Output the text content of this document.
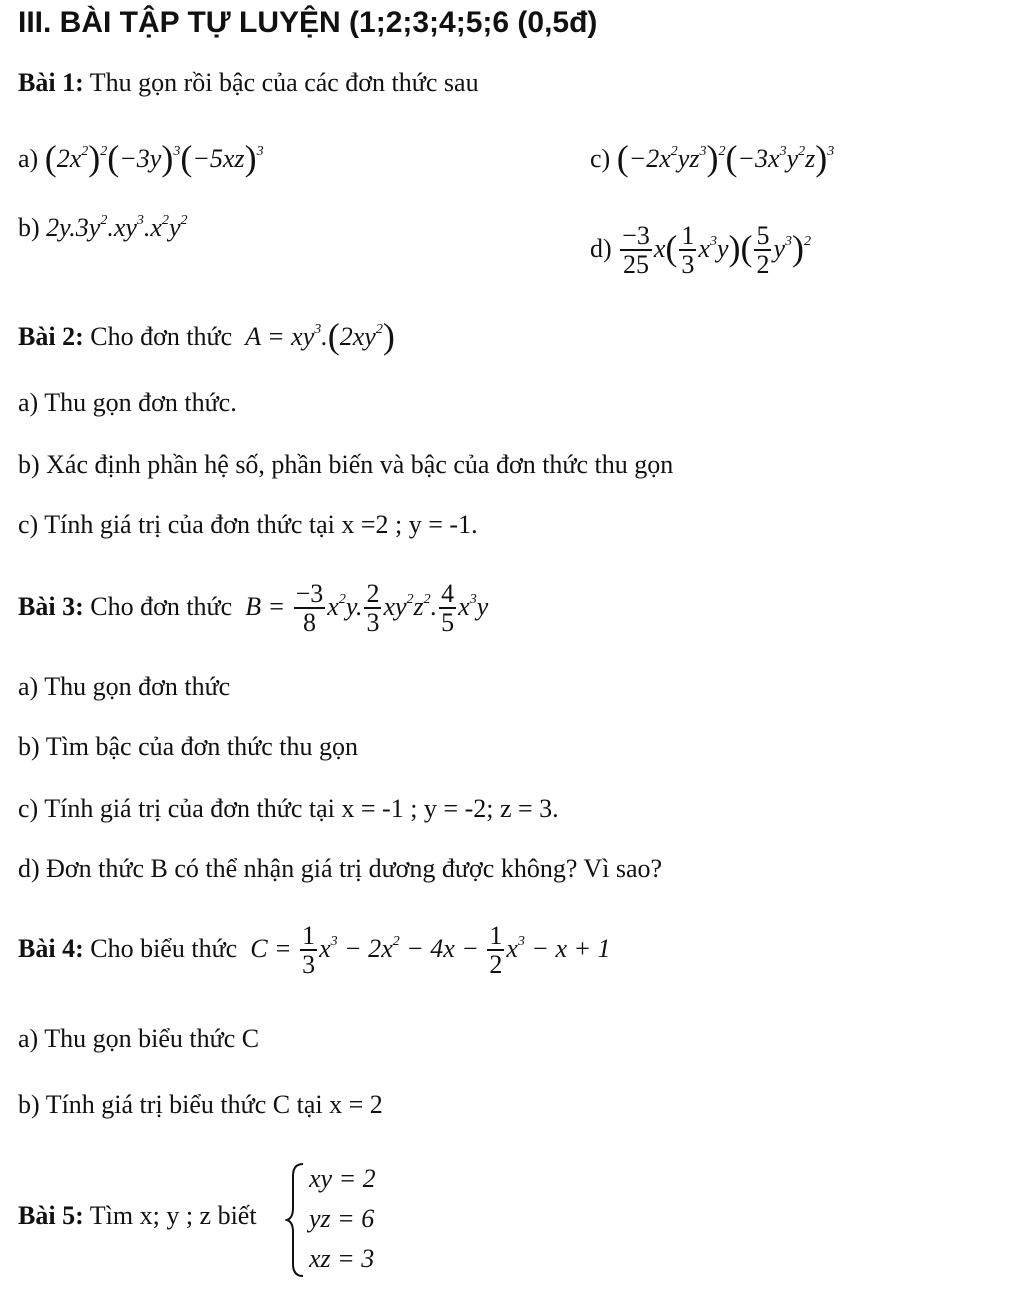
III. BÀI TẬP TỰ LUYỆN (1;2;3;4;5;6 (0,5đ)
Bài 1: Thu gọn rồi bậc của các đơn thức sau
a) $(2x^2)^2(-3y)^3(-5xz)^3$	c) $(-2x^2yz^3)^2(-3x^3y^2z)^3$
b) $2y.3y^2.xy^3.x^2y^2$
$d) \frac{-3}{25} x( \frac{1}{3} x^3y)( \frac{5}{2} y^3)^2$
Bài 2: Cho đơn thức $A = xy^3.(2xy^2)$
a) Thu gọn đơn thức.
b) Xác định phần hệ số, phần biến và bậc của đơn thức thu gọn
c) Tính giá trị của đơn thức tại x =2 ; y = -1.
Bài 3: Cho đơn thức $B = \frac{-3}{8} x^2y$. $\frac{2}{3} xy^2z^2$. $\frac{4}{5} x^3y$
a) Thu gọn đơn thức
b) Tìm bậc của đơn thức thu gọn
c) Tính giá trị của đơn thức tại x = -1 ; y = -2; z = 3.
d) Đơn thức B có thể nhận giá trị dương được không? Vì sao?
Bài 4: Cho biểu thức $C = \frac{1}{3} x^3 - 2x^2 - 4x - \frac{1}{2} x^3 - x + 1$
a) Thu gọn biểu thức C
b) Tính giá trị biểu thức C tại x = 2
Bài 5: Tìm x; y ; z biết
xy = 2
yz = 6
xz = 3
